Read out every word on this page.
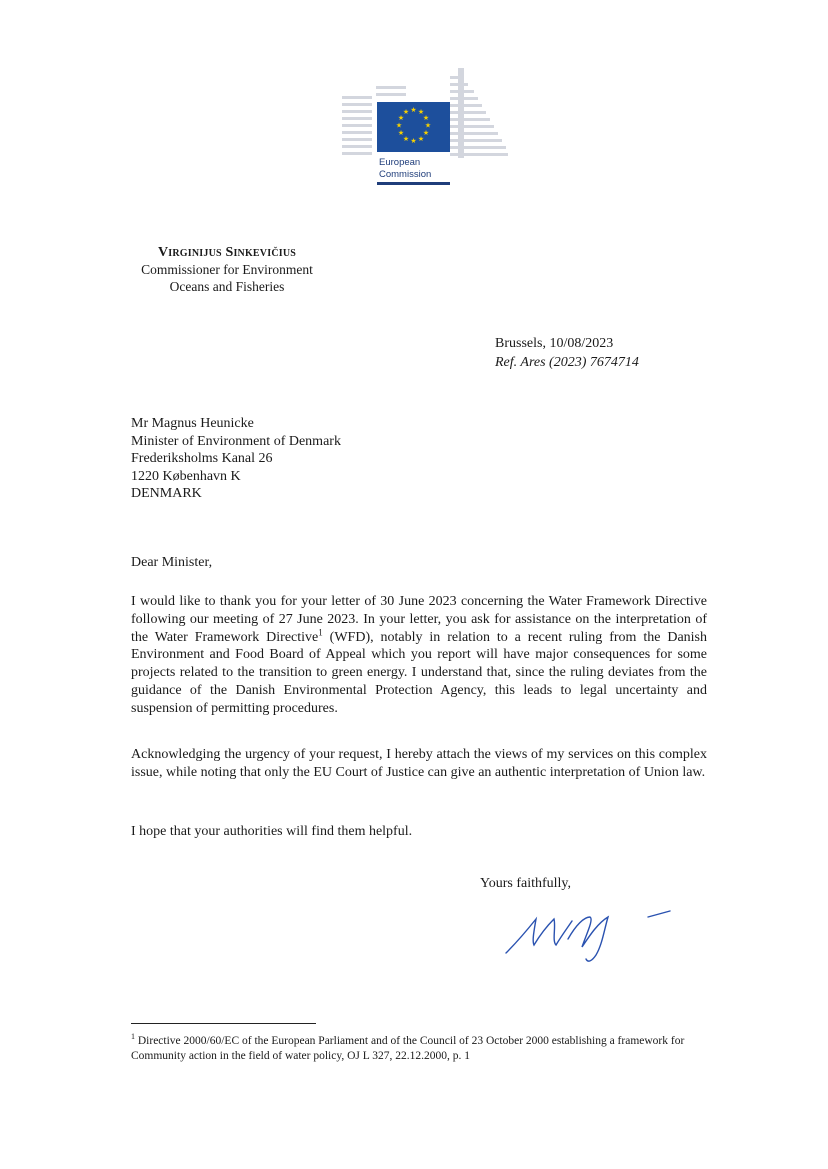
★ ★
★
★
★
★
★
★
★
★
★
★
European
Commission
Virginijus Sinkevičius
Commissioner for Environment
Oceans and Fisheries
Brussels, 10/08/2023
Ref. Ares (2023) 7674714
Mr Magnus Heunicke
Minister of Environment of Denmark
Frederiksholms Kanal 26
1220 København K
DENMARK
Dear Minister,

I would like to thank you for your letter of 30 June 2023 concerning the Water Framework Directive following our meeting of 27 June 2023. In your letter, you ask for assistance on the interpretation of the Water Framework Directive$^1$ (WFD), notably in relation to a recent ruling from the Danish Environment and Food Board of Appeal which you report will have major consequences for some projects related to the transition to green energy. I understand that, since the ruling deviates from the guidance of the Danish Environmental Protection Agency, this leads to legal uncertainty and suspension of permitting procedures.

Acknowledging the urgency of your request, I hereby attach the views of my services on this complex issue, while noting that only the EU Court of Justice can give an authentic interpretation of Union law.

I hope that your authorities will find them helpful.

Yours faithfully,
$^1$ Directive 2000/60/EC of the European Parliament and of the Council of 23 October 2000 establishing a framework for Community action in the field of water policy, OJ L 327, 22.12.2000, p. 1
